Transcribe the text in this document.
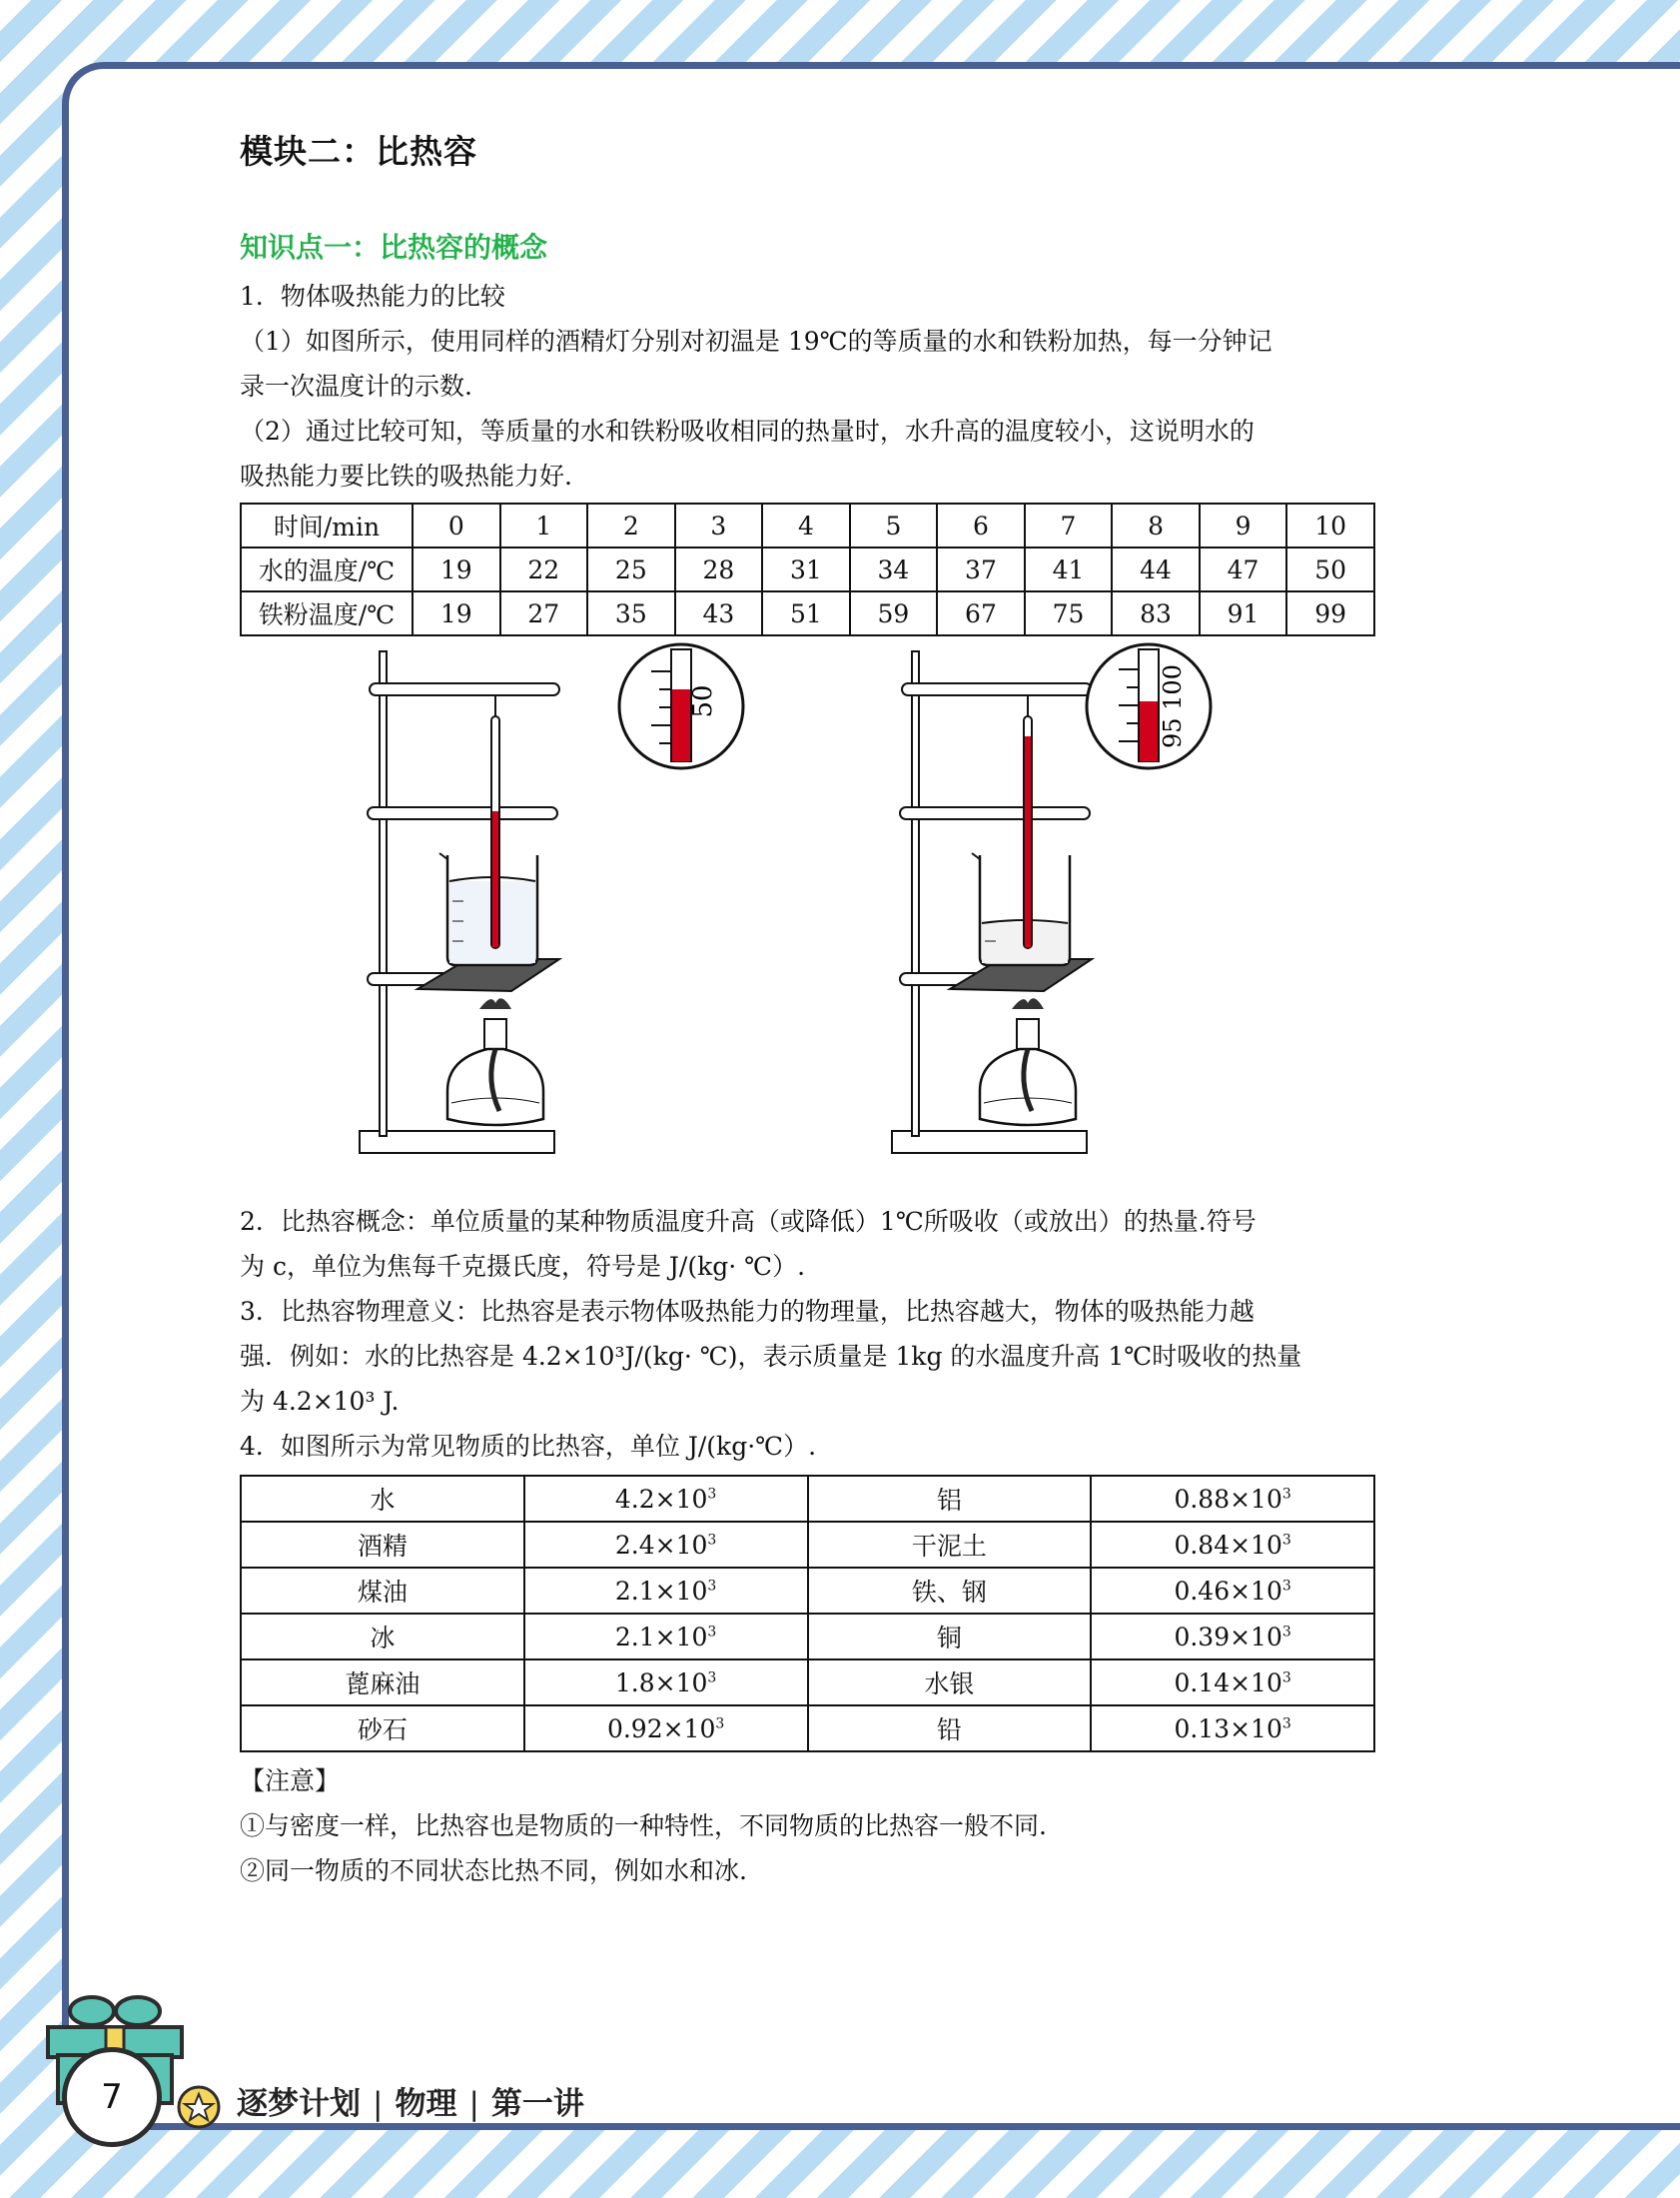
模块二：比热容
知识点一：比热容的概念
1．物体吸热能力的比较
（1）如图所示，使用同样的酒精灯分别对初温是 19℃的等质量的水和铁粉加热，每一分钟记
录一次温度计的示数.
（2）通过比较可知，等质量的水和铁粉吸收相同的热量时，水升高的温度较小，这说明水的
吸热能力要比铁的吸热能力好.
时间/min	0	1	2	3	4	5	6	7	8	9	10
水的温度/℃	19	22	25	28	31	34	37	41	44	47	50
铁粉温度/℃	19	27	35	43	51	59	67	75	83	91	99
50	95 100
2．比热容概念：单位质量的某种物质温度升高（或降低）1℃所吸收（或放出）的热量.符号
为 c，单位为焦每千克摄氏度，符号是 J/(kg· ℃）.
3．比热容物理意义：比热容是表示物体吸热能力的物理量，比热容越大，物体的吸热能力越
强．例如：水的比热容是 4.2×10³J/(kg· ℃)，表示质量是 1kg 的水温度升高 1℃时吸收的热量
为 4.2×10³ J.
4．如图所示为常见物质的比热容，单位 J/(kg·℃）.
水	$4.2\times 10^3$	铝	$0.88\times 10^3$
酒精	$2.4\times 10^3$	干泥土	$0.84\times 10^3$
煤油	$2.1\times 10^3$	铁、钢	$0.46\times 10^3$
冰	$2.1\times 10^3$	铜	$0.39\times 10^3$
蓖麻油	$1.8\times 10^3$	水银	$0.14\times 10^3$
砂石	$0.92\times 10^3$	铅	$0.13\times 10^3$
【注意】
①与密度一样，比热容也是物质的一种特性，不同物质的比热容一般不同.
②同一物质的不同状态比热不同，例如水和冰.
7	逐梦计划 | 物理 | 第一讲
